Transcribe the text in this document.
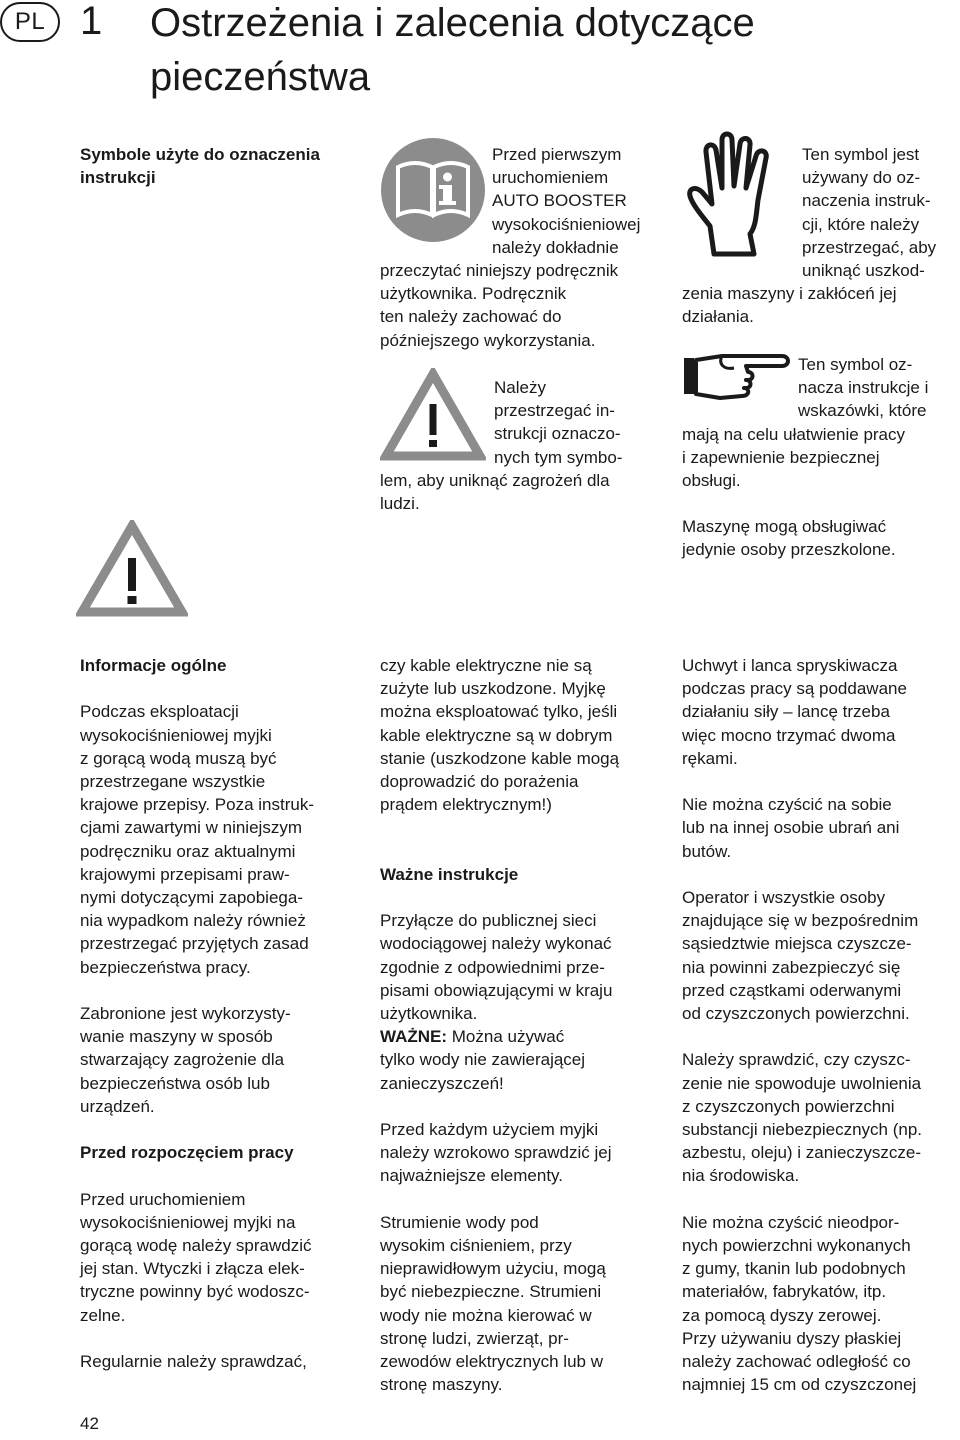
PL 1 Ostrzeżenia i zalecenia dotyczące pieczeństwa
Symbole użyte do oznaczenia
instrukcji
Przed pierwszym
uruchomieniem
AUTO BOOSTER
wysokociśnieniowej
należy dokładnie
przeczytać niniejszy podręcznik
użytkownika. Podręcznik
ten należy zachować do
późniejszego wykorzystania.
Należy
przestrzegać in-
strukcji oznaczo-
nych tym symbo-
lem, aby uniknąć zagrożeń dla
ludzi.
Ten symbol jest
używany do oz-
naczenia instruk-
cji, które należy
przestrzegać, aby
uniknąć uszkod-
zenia maszyny i zakłóceń jej
działania.
Ten symbol oz-
nacza instrukcje i
wskazówki, które
mają na celu ułatwienie pracy
i zapewnienie bezpiecznej
obsługi.
Maszynę mogą obsługiwać
jedynie osoby przeszkolone.
Informacje ogólne
Podczas eksploatacji
wysokociśnieniowej myjki
z gorącą wodą muszą być
przestrzegane wszystkie
krajowe przepisy. Poza instruk-
cjami zawartymi w niniejszym
podręczniku oraz aktualnymi
krajowymi przepisami praw-
nymi dotyczącymi zapobiega-
nia wypadkom należy również
przestrzegać przyjętych zasad
bezpieczeństwa pracy.
Zabronione jest wykorzysty-
wanie maszyny w sposób
stwarzający zagrożenie dla
bezpieczeństwa osób lub
urządzeń.
Przed rozpoczęciem pracy
Przed uruchomieniem
wysokociśnieniowej myjki na
gorącą wodę należy sprawdzić
jej stan. Wtyczki i złącza elek-
tryczne powinny być wodoszc-
zelne.
Regularnie należy sprawdzać,
czy kable elektryczne nie są
zużyte lub uszkodzone. Myjkę
można eksploatować tylko, jeśli
kable elektryczne są w dobrym
stanie (uszkodzone kable mogą
doprowadzić do porażenia
prądem elektrycznym!)
Ważne instrukcje
Przyłącze do publicznej sieci
wodociągowej należy wykonać
zgodnie z odpowiednimi prze-
pisami obowiązującymi w kraju
użytkownika.
WAŻNE: Można używać
tylko wody nie zawierającej
zanieczyszczeń!
Przed każdym użyciem myjki
należy wzrokowo sprawdzić jej
najważniejsze elementy.
Strumienie wody pod
wysokim ciśnieniem, przy
nieprawidłowym użyciu, mogą
być niebezpieczne. Strumieni
wody nie można kierować w
stronę ludzi, zwierząt, pr-
zewodów elektrycznych lub w
stronę maszyny.
Uchwyt i lanca spryskiwacza
podczas pracy są poddawane
działaniu siły – lancę trzeba
więc mocno trzymać dwoma
rękami.
Nie można czyścić na sobie
lub na innej osobie ubrań ani
butów.
Operator i wszystkie osoby
znajdujące się w bezpośrednim
sąsiedztwie miejsca czyszcze-
nia powinni zabezpieczyć się
przed cząstkami oderwanymi
od czyszczonych powierzchni.
Należy sprawdzić, czy czyszc-
zenie nie spowoduje uwolnienia
z czyszczonych powierzchni
substancji niebezpiecznych (np.
azbestu, oleju) i zanieczyszcze-
nia środowiska.
Nie można czyścić nieodpor-
nych powierzchni wykonanych
z gumy, tkanin lub podobnych
materiałów, fabrykatów, itp.
za pomocą dyszy zerowej.
Przy używaniu dyszy płaskiej
należy zachować odległość co
najmniej 15 cm od czyszczonej
42
